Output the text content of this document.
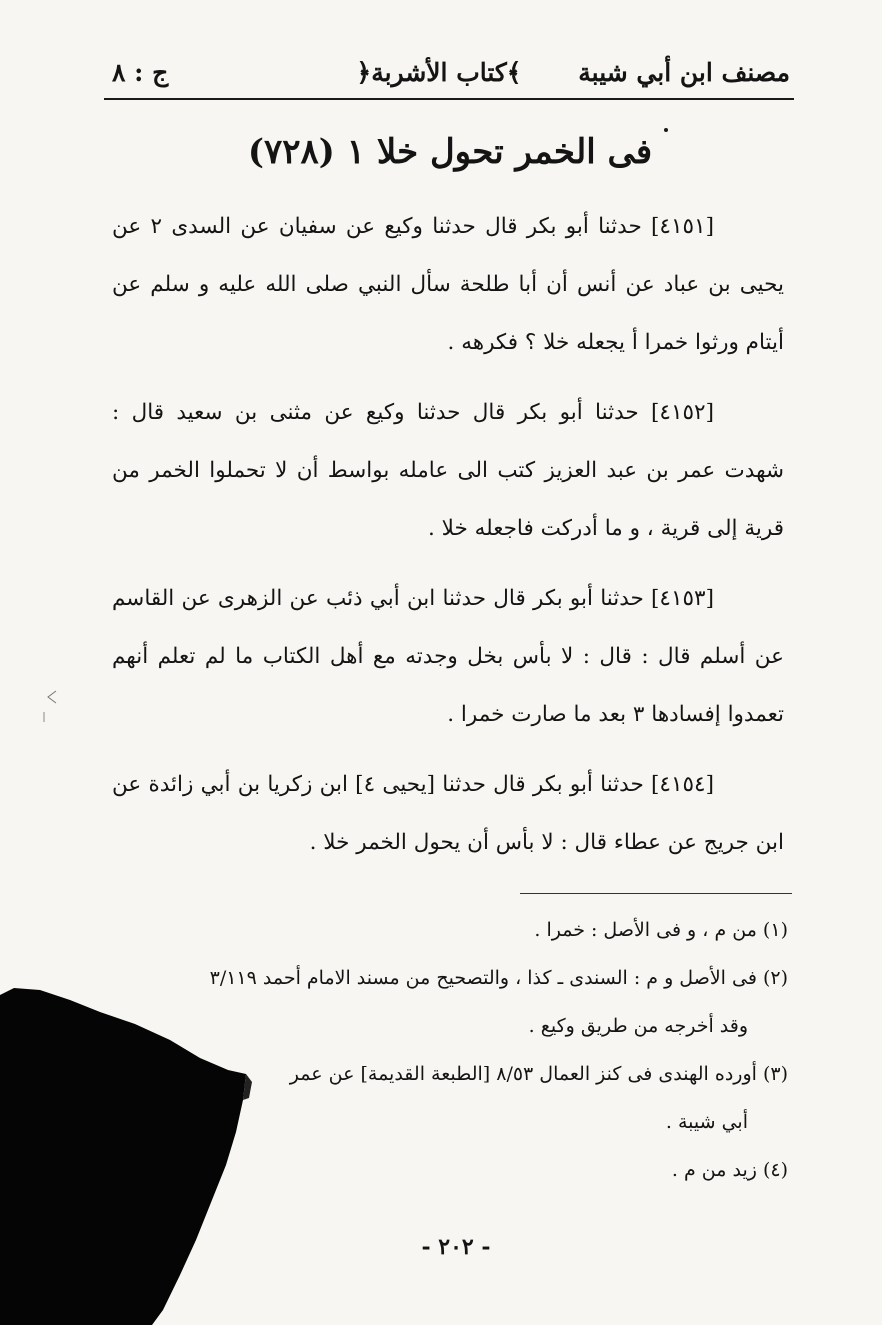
مصنف ابن أبي شيبة
﴿كتاب الأشربة﴾
ج : ٨
(٧٢٨) فى الخمر تحول خلا ١

[٤١٥١] حدثنا أبو بكر قال حدثنا وكيع عن سفيان عن السدى ٢ عن يحيى بن عباد عن أنس أن أبا طلحة سأل النبي صلى الله عليه و سلم عن أيتام ورثوا خمرا أ يجعله خلا ؟ فكرهه .

[٤١٥٢] حدثنا أبو بكر قال حدثنا وكيع عن مثنى بن سعيد قال : شهدت عمر بن عبد العزيز كتب الى عامله بواسط أن لا تحملوا الخمر من قرية إلى قرية ، و ما أدركت فاجعله خلا .

[٤١٥٣] حدثنا أبو بكر قال حدثنا ابن أبي ذئب عن الزهرى عن القاسم عن أسلم قال : قال : لا بأس بخل وجدته مع أهل الكتاب ما لم تعلم أنهم تعمدوا إفسادها ٣ بعد ما صارت خمرا .

[٤١٥٤] حدثنا أبو بكر قال حدثنا [يحيى ٤] ابن زكريا بن أبي زائدة عن ابن جريج عن عطاء قال : لا بأس أن يحول الخمر خلا .

(١) من م ، و فى الأصل : خمرا .

(٢) فى الأصل و م : السندى ـ كذا ، والتصحيح من مسند الامام أحمد ٣/١١٩

وقد أخرجه من طريق وكيع .

(٣) أورده الهندى فى كنز العمال ٨/٥٣ [الطبعة القديمة] عن عمر

أبي شيبة .

(٤) زيد من م .

- ٢٠٢ -
